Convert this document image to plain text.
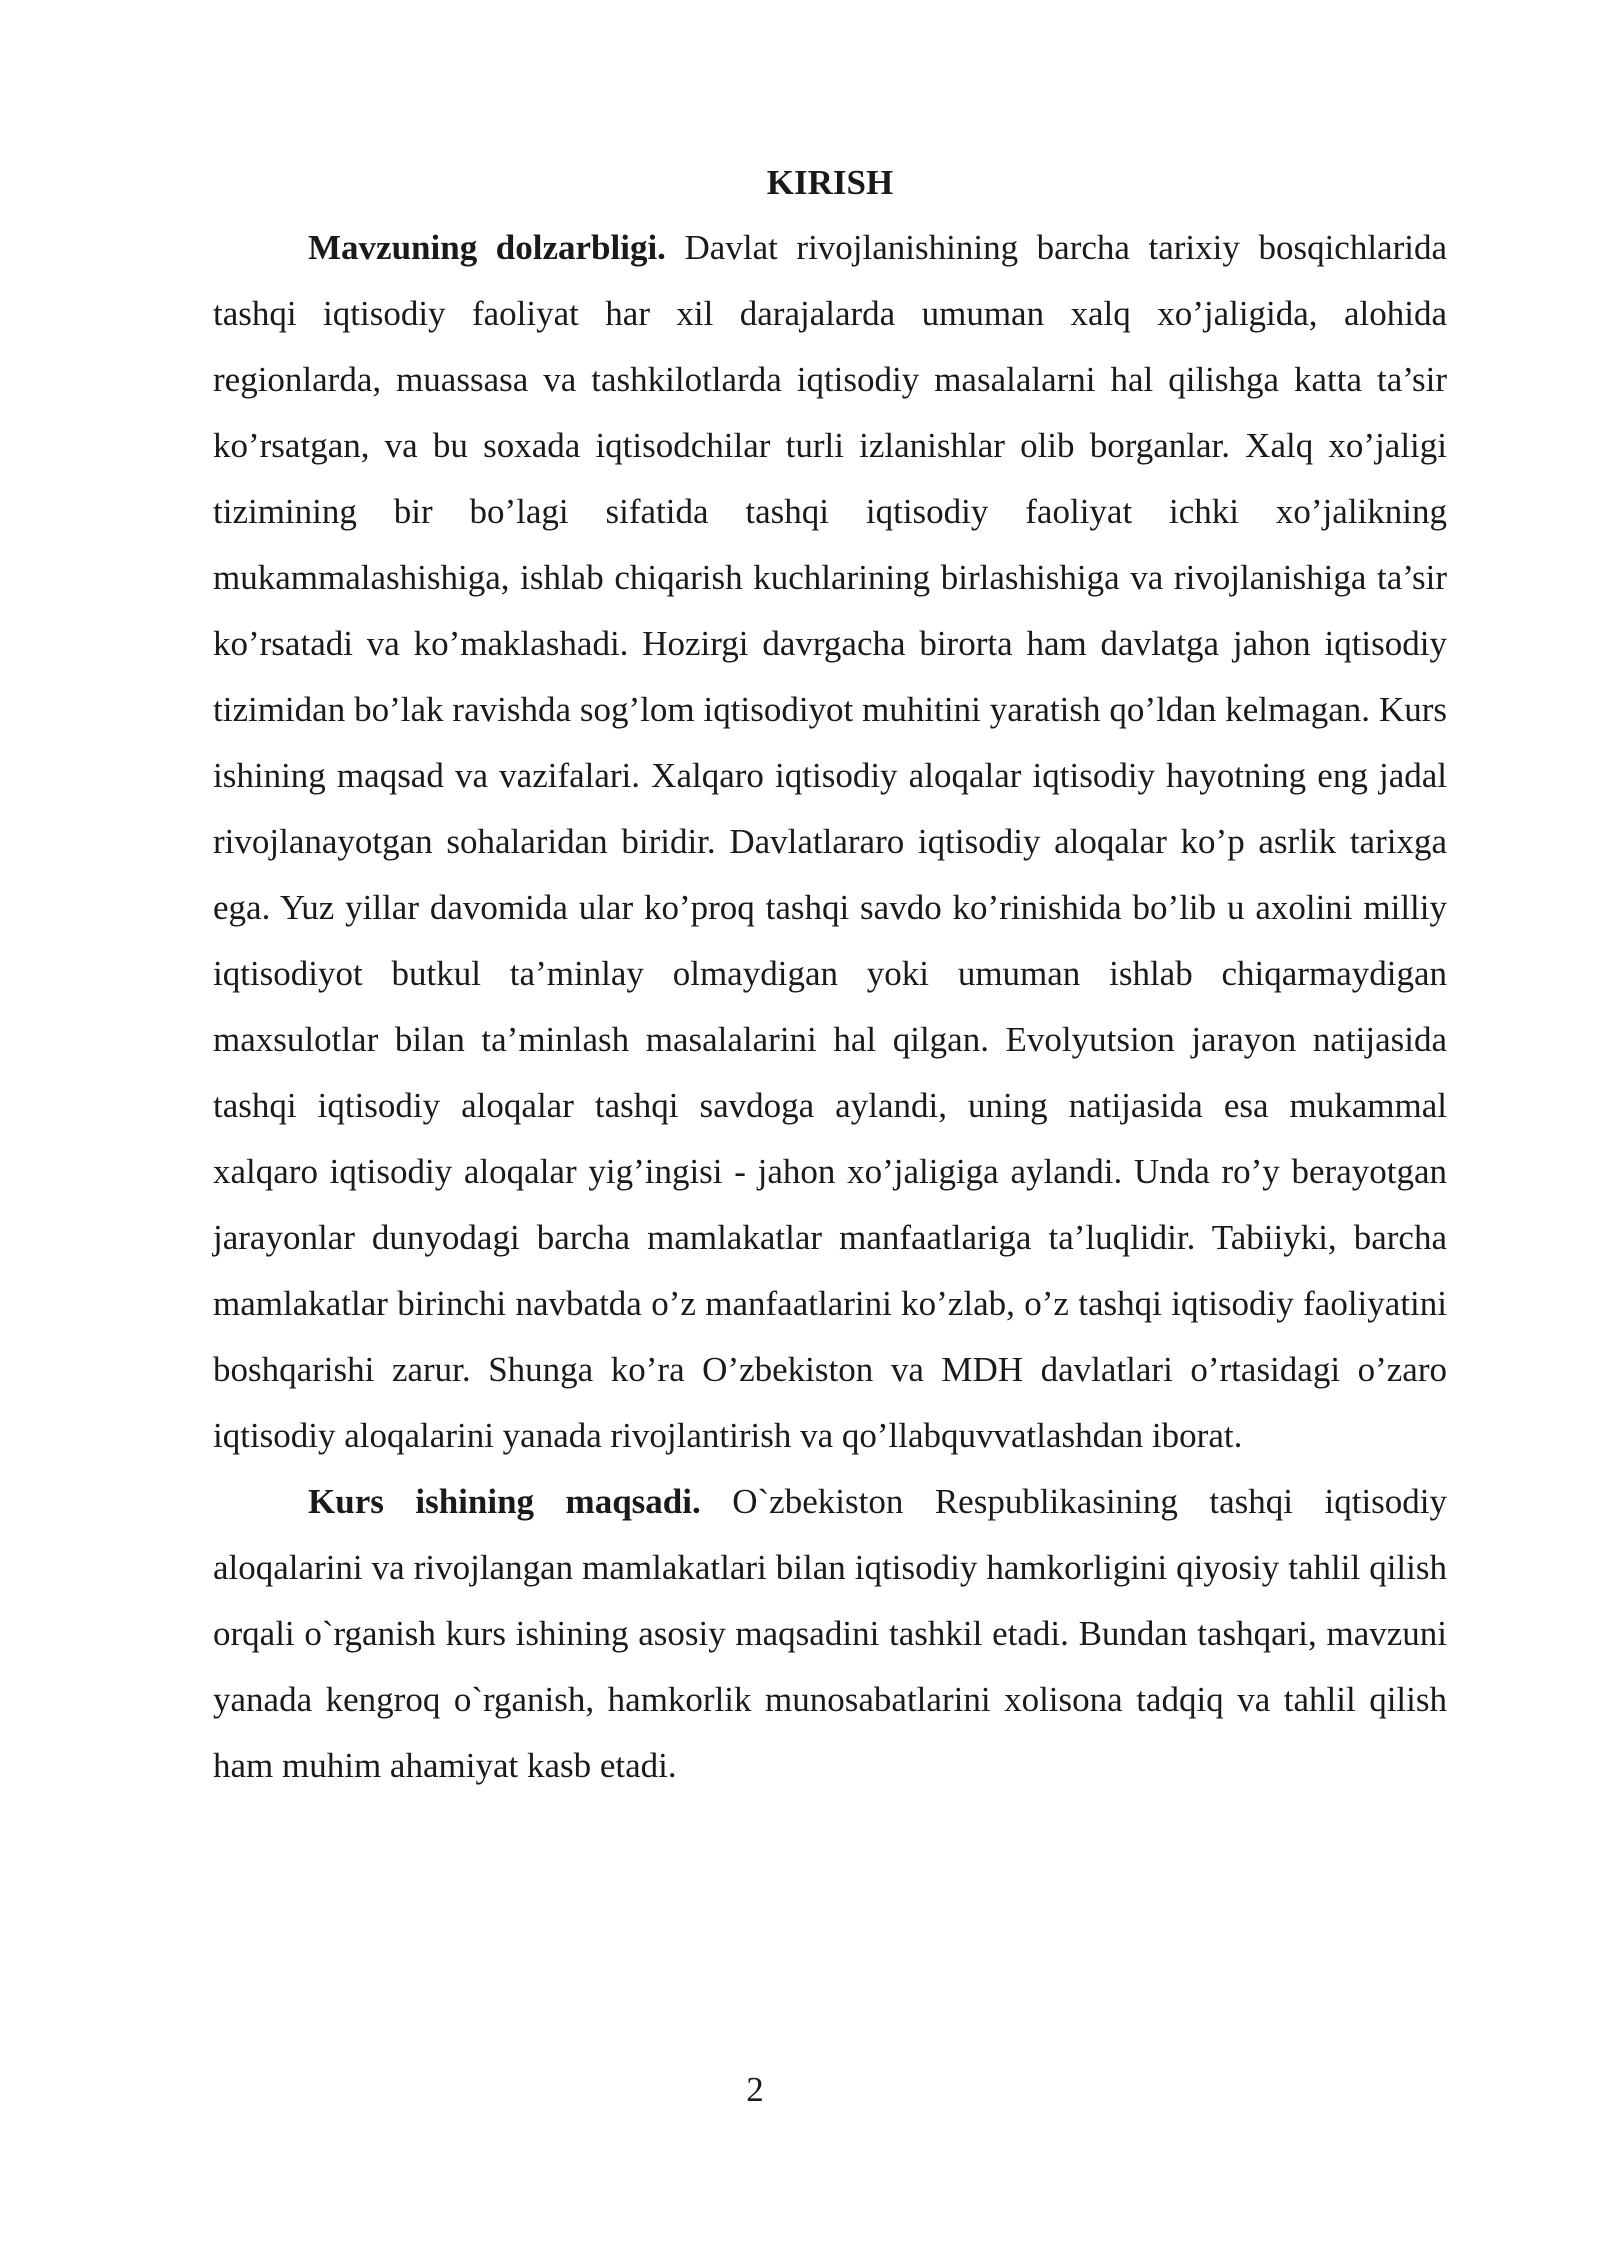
KIRISH

Mavzuning dolzarbligi. Davlat rivojlanishining barcha tarixiy bosqichlarida tashqi iqtisodiy faoliyat har xil darajalarda umuman xalq xo’jaligida, alohida regionlarda, muassasa va tashkilotlarda iqtisodiy masalalarni hal qilishga katta ta’sir ko’rsatgan, va bu soxada iqtisodchilar turli izlanishlar olib borganlar. Xalq xo’jaligi tizimining bir bo’lagi sifatida tashqi iqtisodiy faoliyat ichki xo’jalikning mukammalashishiga, ishlab chiqarish kuchlarining birlashishiga va rivojlanishiga ta’sir ko’rsatadi va ko’maklashadi. Hozirgi davrgacha birorta ham davlatga jahon iqtisodiy tizimidan bo’lak ravishda sog’lom iqtisodiyot muhitini yaratish qo’ldan kelmagan. Kurs ishining maqsad va vazifalari. Xalqaro iqtisodiy aloqalar iqtisodiy hayotning eng jadal rivojlanayotgan sohalaridan biridir. Davlatlararo iqtisodiy aloqalar ko’p asrlik tarixga ega. Yuz yillar davomida ular ko’proq tashqi savdo ko’rinishida bo’lib u axolini milliy iqtisodiyot butkul ta’minlay olmaydigan yoki umuman ishlab chiqarmaydigan maxsulotlar bilan ta’minlash masalalarini hal qilgan. Evolyutsion jarayon natijasida tashqi iqtisodiy aloqalar tashqi savdoga aylandi, uning natijasida esa mukammal xalqaro iqtisodiy aloqalar yig’ingisi - jahon xo’jaligiga aylandi. Unda ro’y berayotgan jarayonlar dunyodagi barcha mamlakatlar manfaatlariga ta’luqlidir. Tabiiyki, barcha mamlakatlar birinchi navbatda o’z manfaatlarini ko’zlab, o’z tashqi iqtisodiy faoliyatini boshqarishi zarur. Shunga ko’ra O’zbekiston va MDH davlatlari o’rtasidagi o’zaro iqtisodiy aloqalarini yanada rivojlantirish va qo’llabquvvatlashdan iborat.

Kurs ishining maqsadi. O`zbekiston Respublikasining tashqi iqtisodiy aloqalarini va rivojlangan mamlakatlari bilan iqtisodiy hamkorligini qiyosiy tahlil qilish orqali o`rganish kurs ishining asosiy maqsadini tashkil etadi. Bundan tashqari, mavzuni yanada kengroq o`rganish, hamkorlik munosabatlarini xolisona tadqiq va tahlil qilish ham muhim ahamiyat kasb etadi.

2
